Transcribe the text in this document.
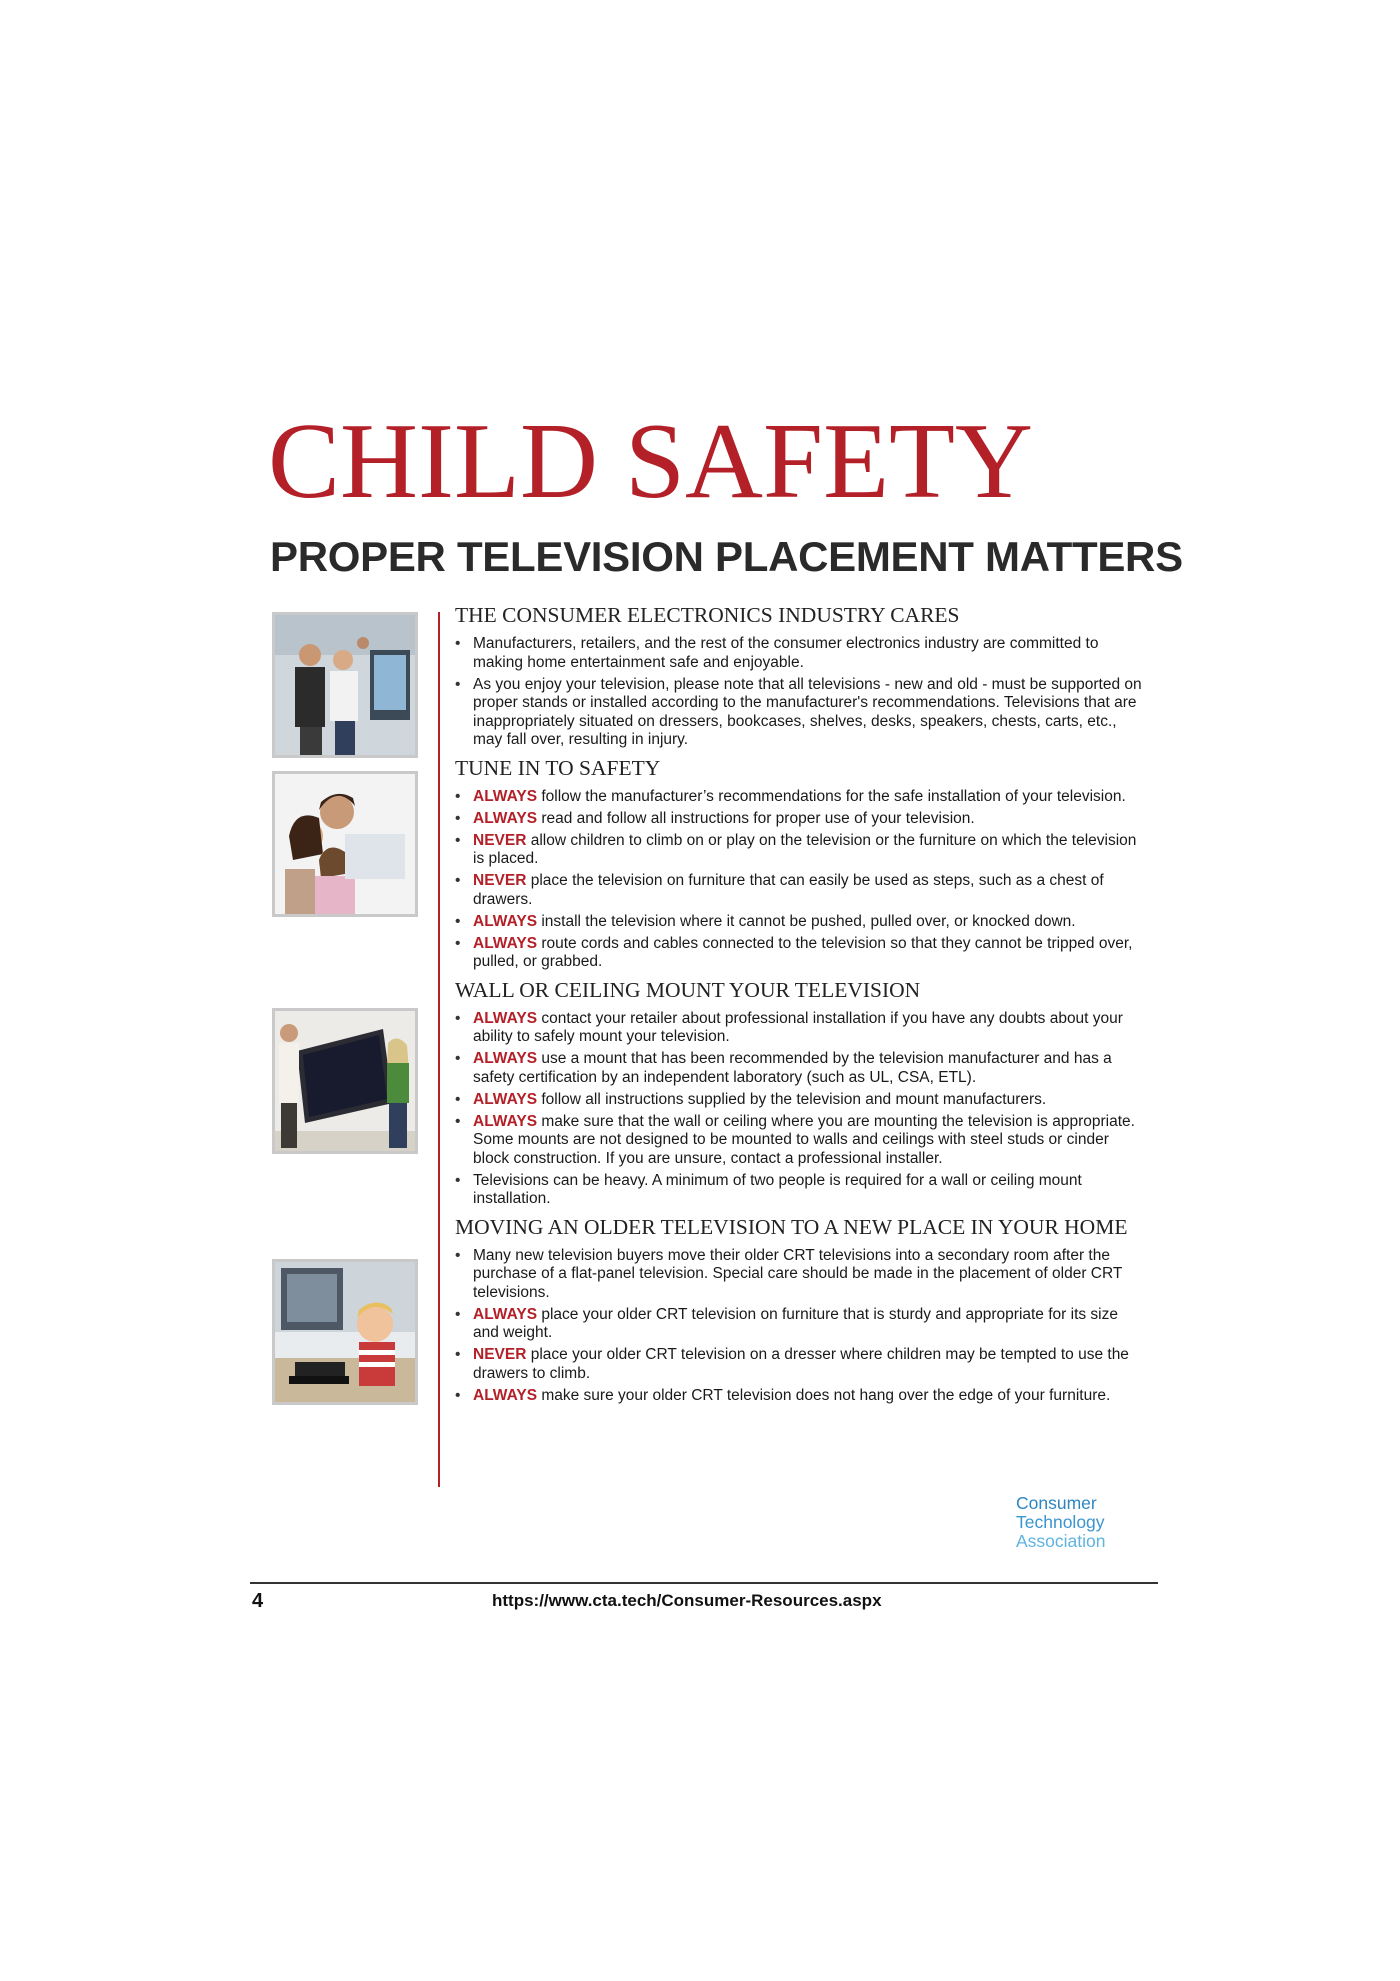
CHILD SAFETY
PROPER TELEVISION PLACEMENT MATTERS
THE CONSUMER ELECTRONICS INDUSTRY CARES
• Manufacturers, retailers, and the rest of the consumer electronics industry are committed to making home entertainment safe and enjoyable.
• As you enjoy your television, please note that all televisions - new and old - must be supported on proper stands or installed according to the manufacturer's recommendations. Televisions that are inappropriately situated on dressers, bookcases, shelves, desks, speakers, chests, carts, etc., may fall over, resulting in injury.
TUNE IN TO SAFETY
• ALWAYS follow the manufacturer’s recommendations for the safe installation of your television.
• ALWAYS read and follow all instructions for proper use of your television.
• NEVER allow children to climb on or play on the television or the furniture on which the television is placed.
• NEVER place the television on furniture that can easily be used as steps, such as a chest of drawers.
• ALWAYS install the television where it cannot be pushed, pulled over, or knocked down.
• ALWAYS route cords and cables connected to the television so that they cannot be tripped over, pulled, or grabbed.
WALL OR CEILING MOUNT YOUR TELEVISION
• ALWAYS contact your retailer about professional installation if you have any doubts about your ability to safely mount your television.
• ALWAYS use a mount that has been recommended by the television manufacturer and has a safety certification by an independent laboratory (such as UL, CSA, ETL).
• ALWAYS follow all instructions supplied by the television and mount manufacturers.
• ALWAYS make sure that the wall or ceiling where you are mounting the television is appropriate. Some mounts are not designed to be mounted to walls and ceilings with steel studs or cinder block construction. If you are unsure, contact a professional installer.
• Televisions can be heavy. A minimum of two people is required for a wall or ceiling mount installation.
MOVING AN OLDER TELEVISION TO A NEW PLACE IN YOUR HOME
• Many new television buyers move their older CRT televisions into a secondary room after the purchase of a flat-panel television. Special care should be made in the placement of older CRT televisions.
• ALWAYS place your older CRT television on furniture that is sturdy and appropriate for its size and weight.
• NEVER place your older CRT television on a dresser where children may be tempted to use the drawers to climb.
• ALWAYS make sure your older CRT television does not hang over the edge of your furniture.
Consumer
Technology
Association
4	https://www.cta.tech/Consumer-Resources.aspx
